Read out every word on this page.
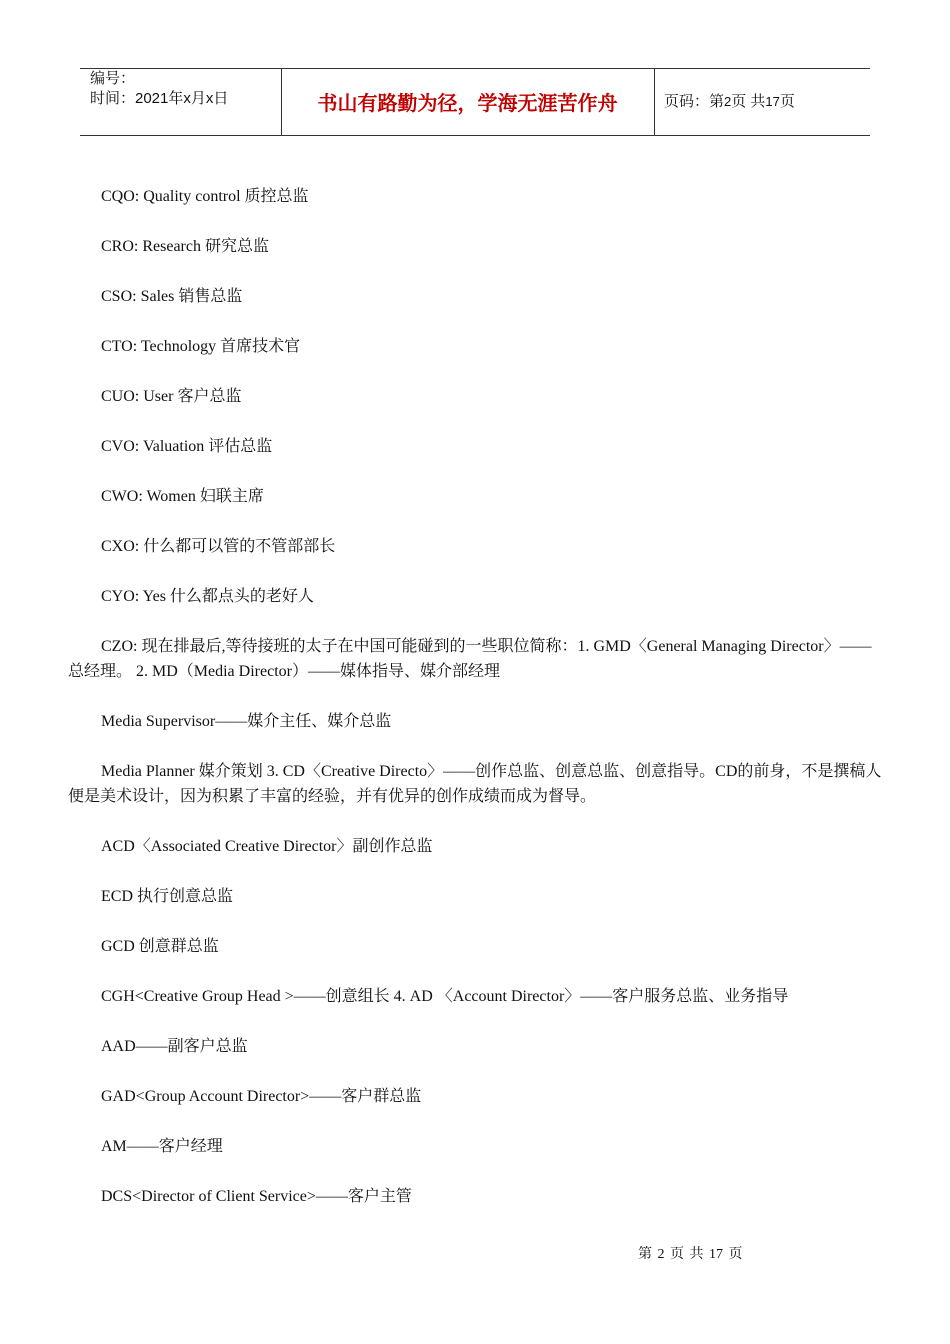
编号：
时间：2021年x月x日	书山有路勤为径，学海无涯苦作舟	页码：第2页 共17页

CQO: Quality control 质控总监

CRO: Research 研究总监

CSO: Sales 销售总监

CTO: Technology 首席技术官

CUO: User 客户总监

CVO: Valuation 评估总监

CWO: Women 妇联主席

CXO: 什么都可以管的不管部部长

CYO: Yes 什么都点头的老好人

CZO: 现在排最后,等待接班的太子在中国可能碰到的一些职位简称：1. GMD〈General Managing Director〉——总经理。 2. MD（Media Director）——媒体指导、媒介部经理

Media Supervisor——媒介主任、媒介总监

Media Planner 媒介策划 3. CD〈Creative Directo〉——创作总监、创意总监、创意指导。CD的前身，不是撰稿人便是美术设计，因为积累了丰富的经验，并有优异的创作成绩而成为督导。

ACD〈Associated Creative Director〉副创作总监

ECD 执行创意总监

GCD 创意群总监

CGH<Creative Group Head >——创意组长 4. AD 〈Account Director〉——客户服务总监、业务指导

AAD——副客户总监

GAD<Group Account Director>——客户群总监

AM——客户经理

DCS<Director of Client Service>——客户主管

第 2 页 共 17 页
